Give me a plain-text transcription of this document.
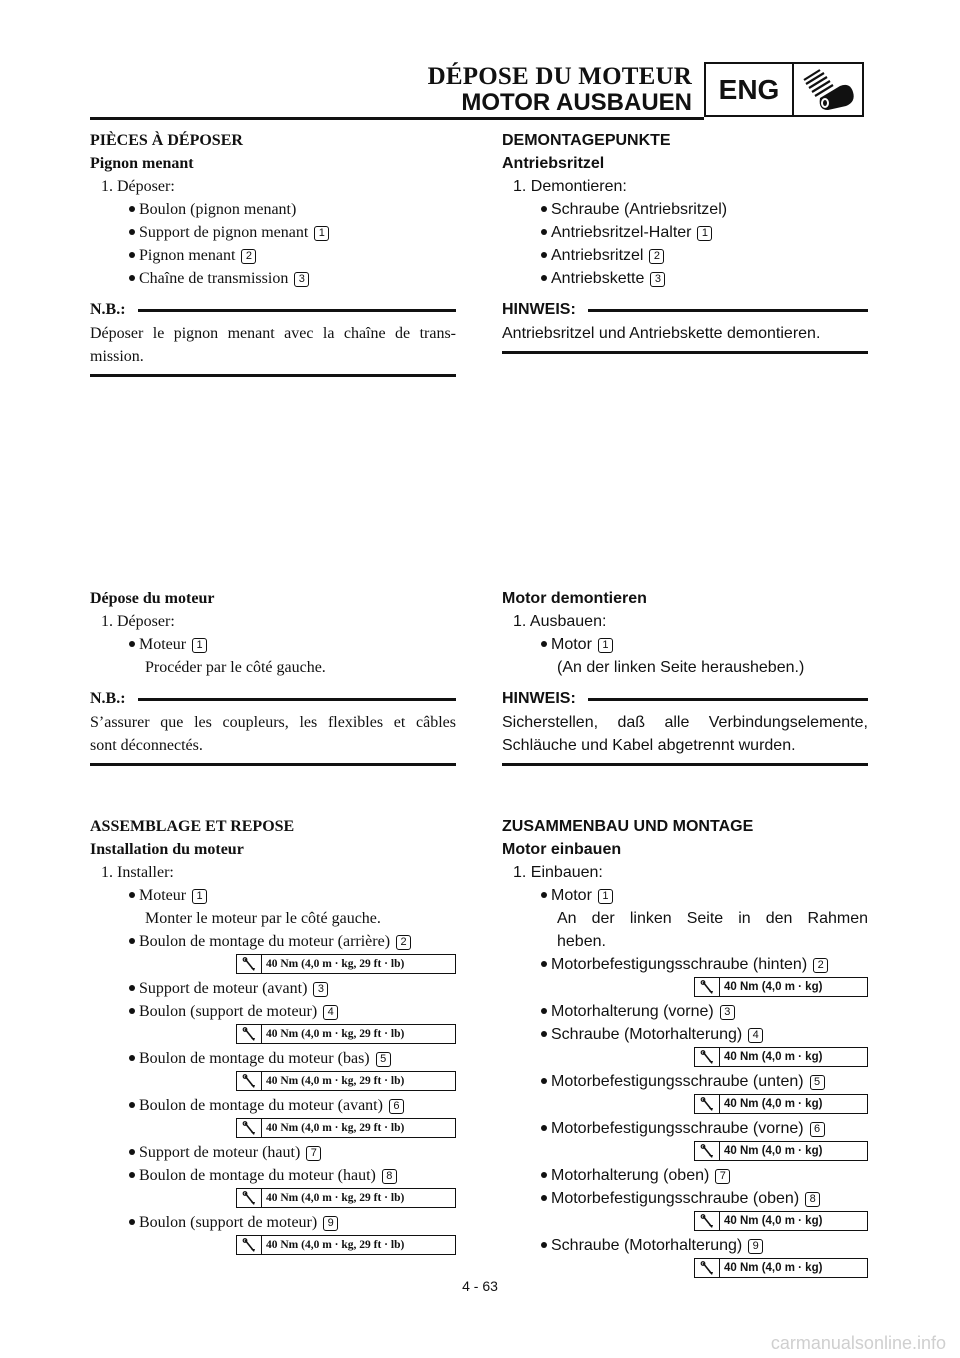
DÉPOSE DU MOTEUR
MOTOR AUSBAUEN ENG
PIÈCES À DÉPOSER
Pignon menant
1. Déposer:
Boulon (pignon menant)
Support de pignon menant 1
Pignon menant 2
Chaîne de transmission 3
N.B.:
Déposer le pignon menant avec la chaîne de trans-
mission.
Dépose du moteur
1. Déposer:
Moteur 1
Procéder par le côté gauche.
N.B.:
S’assurer que les coupleurs, les flexibles et câbles
sont déconnectés.
ASSEMBLAGE ET REPOSE
Installation du moteur
1. Installer:
Moteur 1
Monter le moteur par le côté gauche.
Boulon de montage du moteur (arrière) 2
40 Nm (4,0 m · kg, 29 ft · lb)
Support de moteur (avant) 3
Boulon (support de moteur) 4
40 Nm (4,0 m · kg, 29 ft · lb)
Boulon de montage du moteur (bas) 5
40 Nm (4,0 m · kg, 29 ft · lb)
Boulon de montage du moteur (avant) 6
40 Nm (4,0 m · kg, 29 ft · lb)
Support de moteur (haut) 7
Boulon de montage du moteur (haut) 8
40 Nm (4,0 m · kg, 29 ft · lb)
Boulon (support de moteur) 9
40 Nm (4,0 m · kg, 29 ft · lb)
DEMONTAGEPUNKTE
Antriebsritzel
1. Demontieren:
Schraube (Antriebsritzel)
Antriebsritzel-Halter 1
Antriebsritzel 2
Antriebskette 3
HINWEIS:
Antriebsritzel und Antriebskette demontieren.
Motor demontieren
1. Ausbauen:
Motor 1
(An der linken Seite herausheben.)
HINWEIS:
Sicherstellen, daß alle Verbindungselemente,
Schläuche und Kabel abgetrennt wurden.
ZUSAMMENBAU UND MONTAGE
Motor einbauen
1. Einbauen:
Motor 1
An der linken Seite in den Rahmen
heben.
Motorbefestigungsschraube (hinten) 2
40 Nm (4,0 m · kg)
Motorhalterung (vorne) 3
Schraube (Motorhalterung) 4
40 Nm (4,0 m · kg)
Motorbefestigungsschraube (unten) 5
40 Nm (4,0 m · kg)
Motorbefestigungsschraube (vorne) 6
40 Nm (4,0 m · kg)
Motorhalterung (oben) 7
Motorbefestigungsschraube (oben) 8
40 Nm (4,0 m · kg)
Schraube (Motorhalterung) 9
40 Nm (4,0 m · kg)
4 - 63
carmanualsonline.info
